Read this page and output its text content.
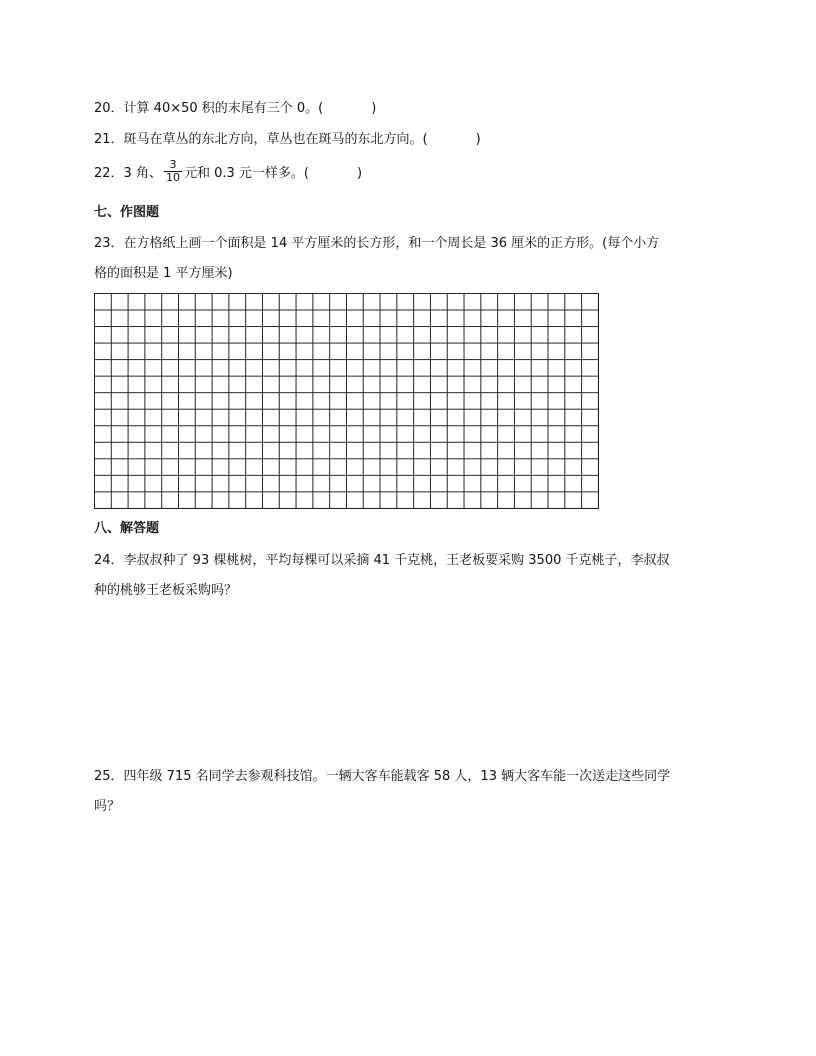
20．计算 40×50 积的末尾有三个 0。(	)
21．斑马在草丛的东北方向，草丛也在斑马的东北方向。(	)
22．3 角、 $\frac{3}{10}$ 元和 0.3 元一样多。(	)
七、作图题
23．在方格纸上画一个面积是 14 平方厘米的长方形，和一个周长是 36 厘米的正方形。(每个小方
格的面积是 1 平方厘米)
八、解答题
24．李叔叔种了 93 棵桃树，平均每棵可以采摘 41 千克桃，王老板要采购 3500 千克桃子，李叔叔
种的桃够王老板采购吗？
25．四年级 715 名同学去参观科技馆。一辆大客车能载客 58 人，13 辆大客车能一次送走这些同学
吗？
